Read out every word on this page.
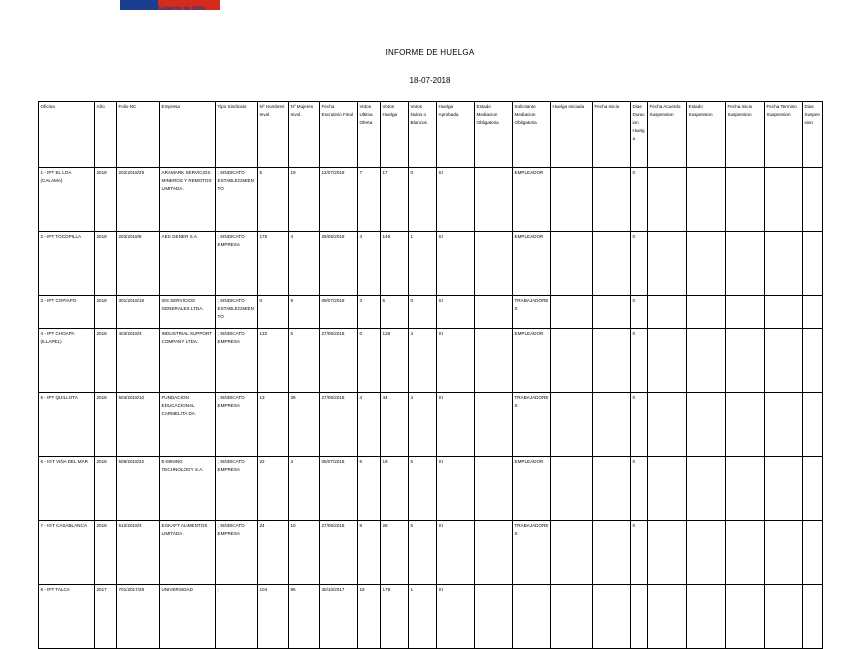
Gobierno de Chile
INFORME DE HUELGA
18-07-2018
Oficina	Año	Folio NC	Empresa	Tipo Sindicato	Nº Hombres Invol.	Nº Mujeres Invol.	Fecha Escrutinio Final	Votos Ultima Oferta	Votos Huelga	Votos Nulos o Blancos	Huelga Aprobada	Estado Mediacion Obligatoria	Solicitante Mediacion Obligatoria	Huelga Iniciada	Fecha Inicio	Dias Duracion Huelga	Fecha Acuerdo Suspension	Estado Suspension	Fecha Inicio Suspension	Fecha Termino Suspension	Dias Suspension
1 - IPT EL LOA (CALAMA)	2018	202/2018/29	ARAMARK SERVICIOS MINEROS Y REMOTOS LIMITADA.	; SINDICATO ESTABLECIMIENTO	5	19	12/07/2018	7	17	0	SI		EMPLEADOR			0					
2 - IPT TOCOPILLA	2018	203/2018/8	AES GENER S.A.	; SINDICATO EMPRESA	175	4	28/06/2018	4	149	1	SI		EMPLEADOR			0					
3 - IPT COPIAPO	2018	301/2018/18	ISS SERVICIOS GENERALES LTDA.	; SINDICATO ESTABLECIMIENTO	0	8	09/07/2018	3	5	0	SI		TRABAJADORES			0					
4 - IPT CHOAPA (ILLAPEL)	2018	403/2018/3	INDUSTRIAL SUPPORT COMPANY LTDA.	; SINDICATO EMPRESA	132	0	27/06/2018	0	126	4	SI		EMPLEADOR			0					
5 - IPT QUILLOTA	2018	503/2018/10	FUNDACION EDUCACIONAL CARMELITA DA.	; SINDICATO EMPRESA	13	39	27/06/2018	4	44	4	SI		TRABAJADORES			0					
6 - IGT VIÑA DEL MAR	2018	508/2018/32	E-MINING TECHNOLOGY S.A.	; SINDICATO EMPRESA	22	3	05/07/2018	6	19	0	SI		EMPLEADOR			0					
7 - IGT CASABLANCA	2018	510/2018/3	EGKAFT ALIMENTOS LIMITADA.	; SINDICATO EMPRESA	24	10	27/06/2018	8	28	0	SI		TRABAJADORES			0					
8 - IPT TALCA	2017	701/2017/28	UNIVERSIDAD	;	104	95	30/10/2017	19	179	1	SI										
